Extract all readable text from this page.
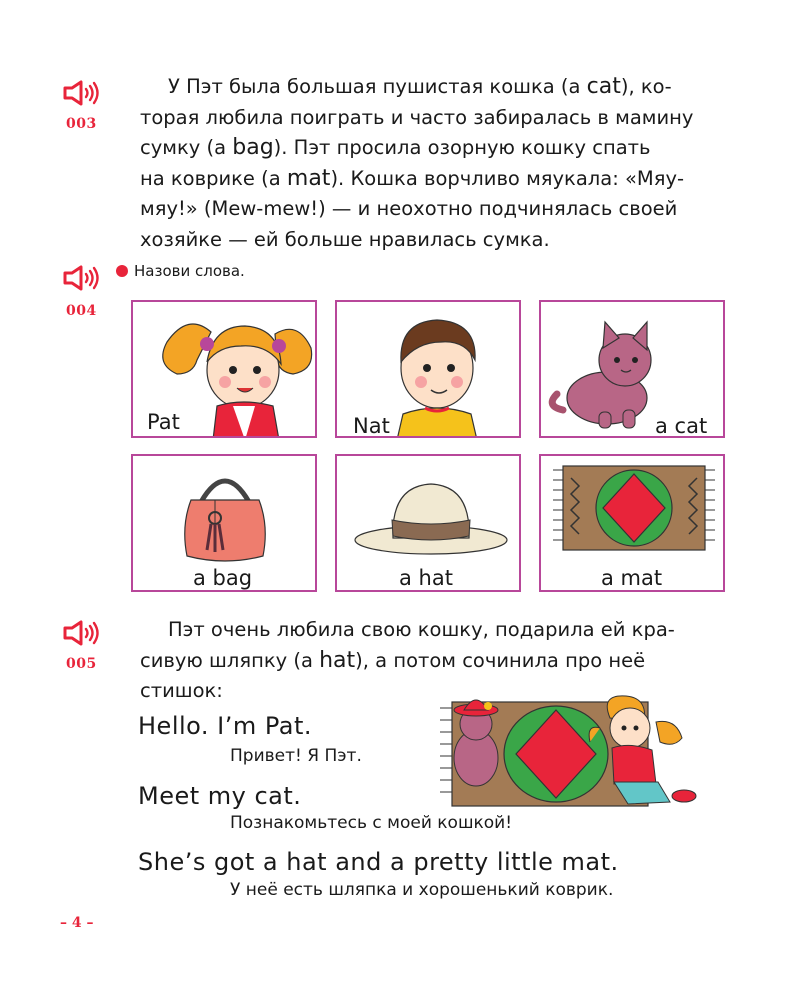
003
У Пэт была большая пушистая кошка (a cat), ко-
торая любила поиграть и часто забиралась в мамину
сумку (a bag). Пэт просила озорную кошку спать
на коврике (a mat). Кошка ворчливо мяукала: «Мяу-
мяу!» (Mew-mew!) — и неохотно подчинялась своей
хозяйке — ей больше нравилась сумка.
004
Назови слова.
Pat	Nat	a cat
a bag	a hat	a mat
005
Пэт очень любила свою кошку, подарила ей кра-
сивую шляпку (a hat), а потом сочинила про неё
стишок:
Hello. I’m Pat.
Привет! Я Пэт.
Meet my cat.
Познакомьтесь с моей кошкой!
She’s got a hat and a pretty little mat.
У неё есть шляпка и хорошенький коврик.
– 4 –
